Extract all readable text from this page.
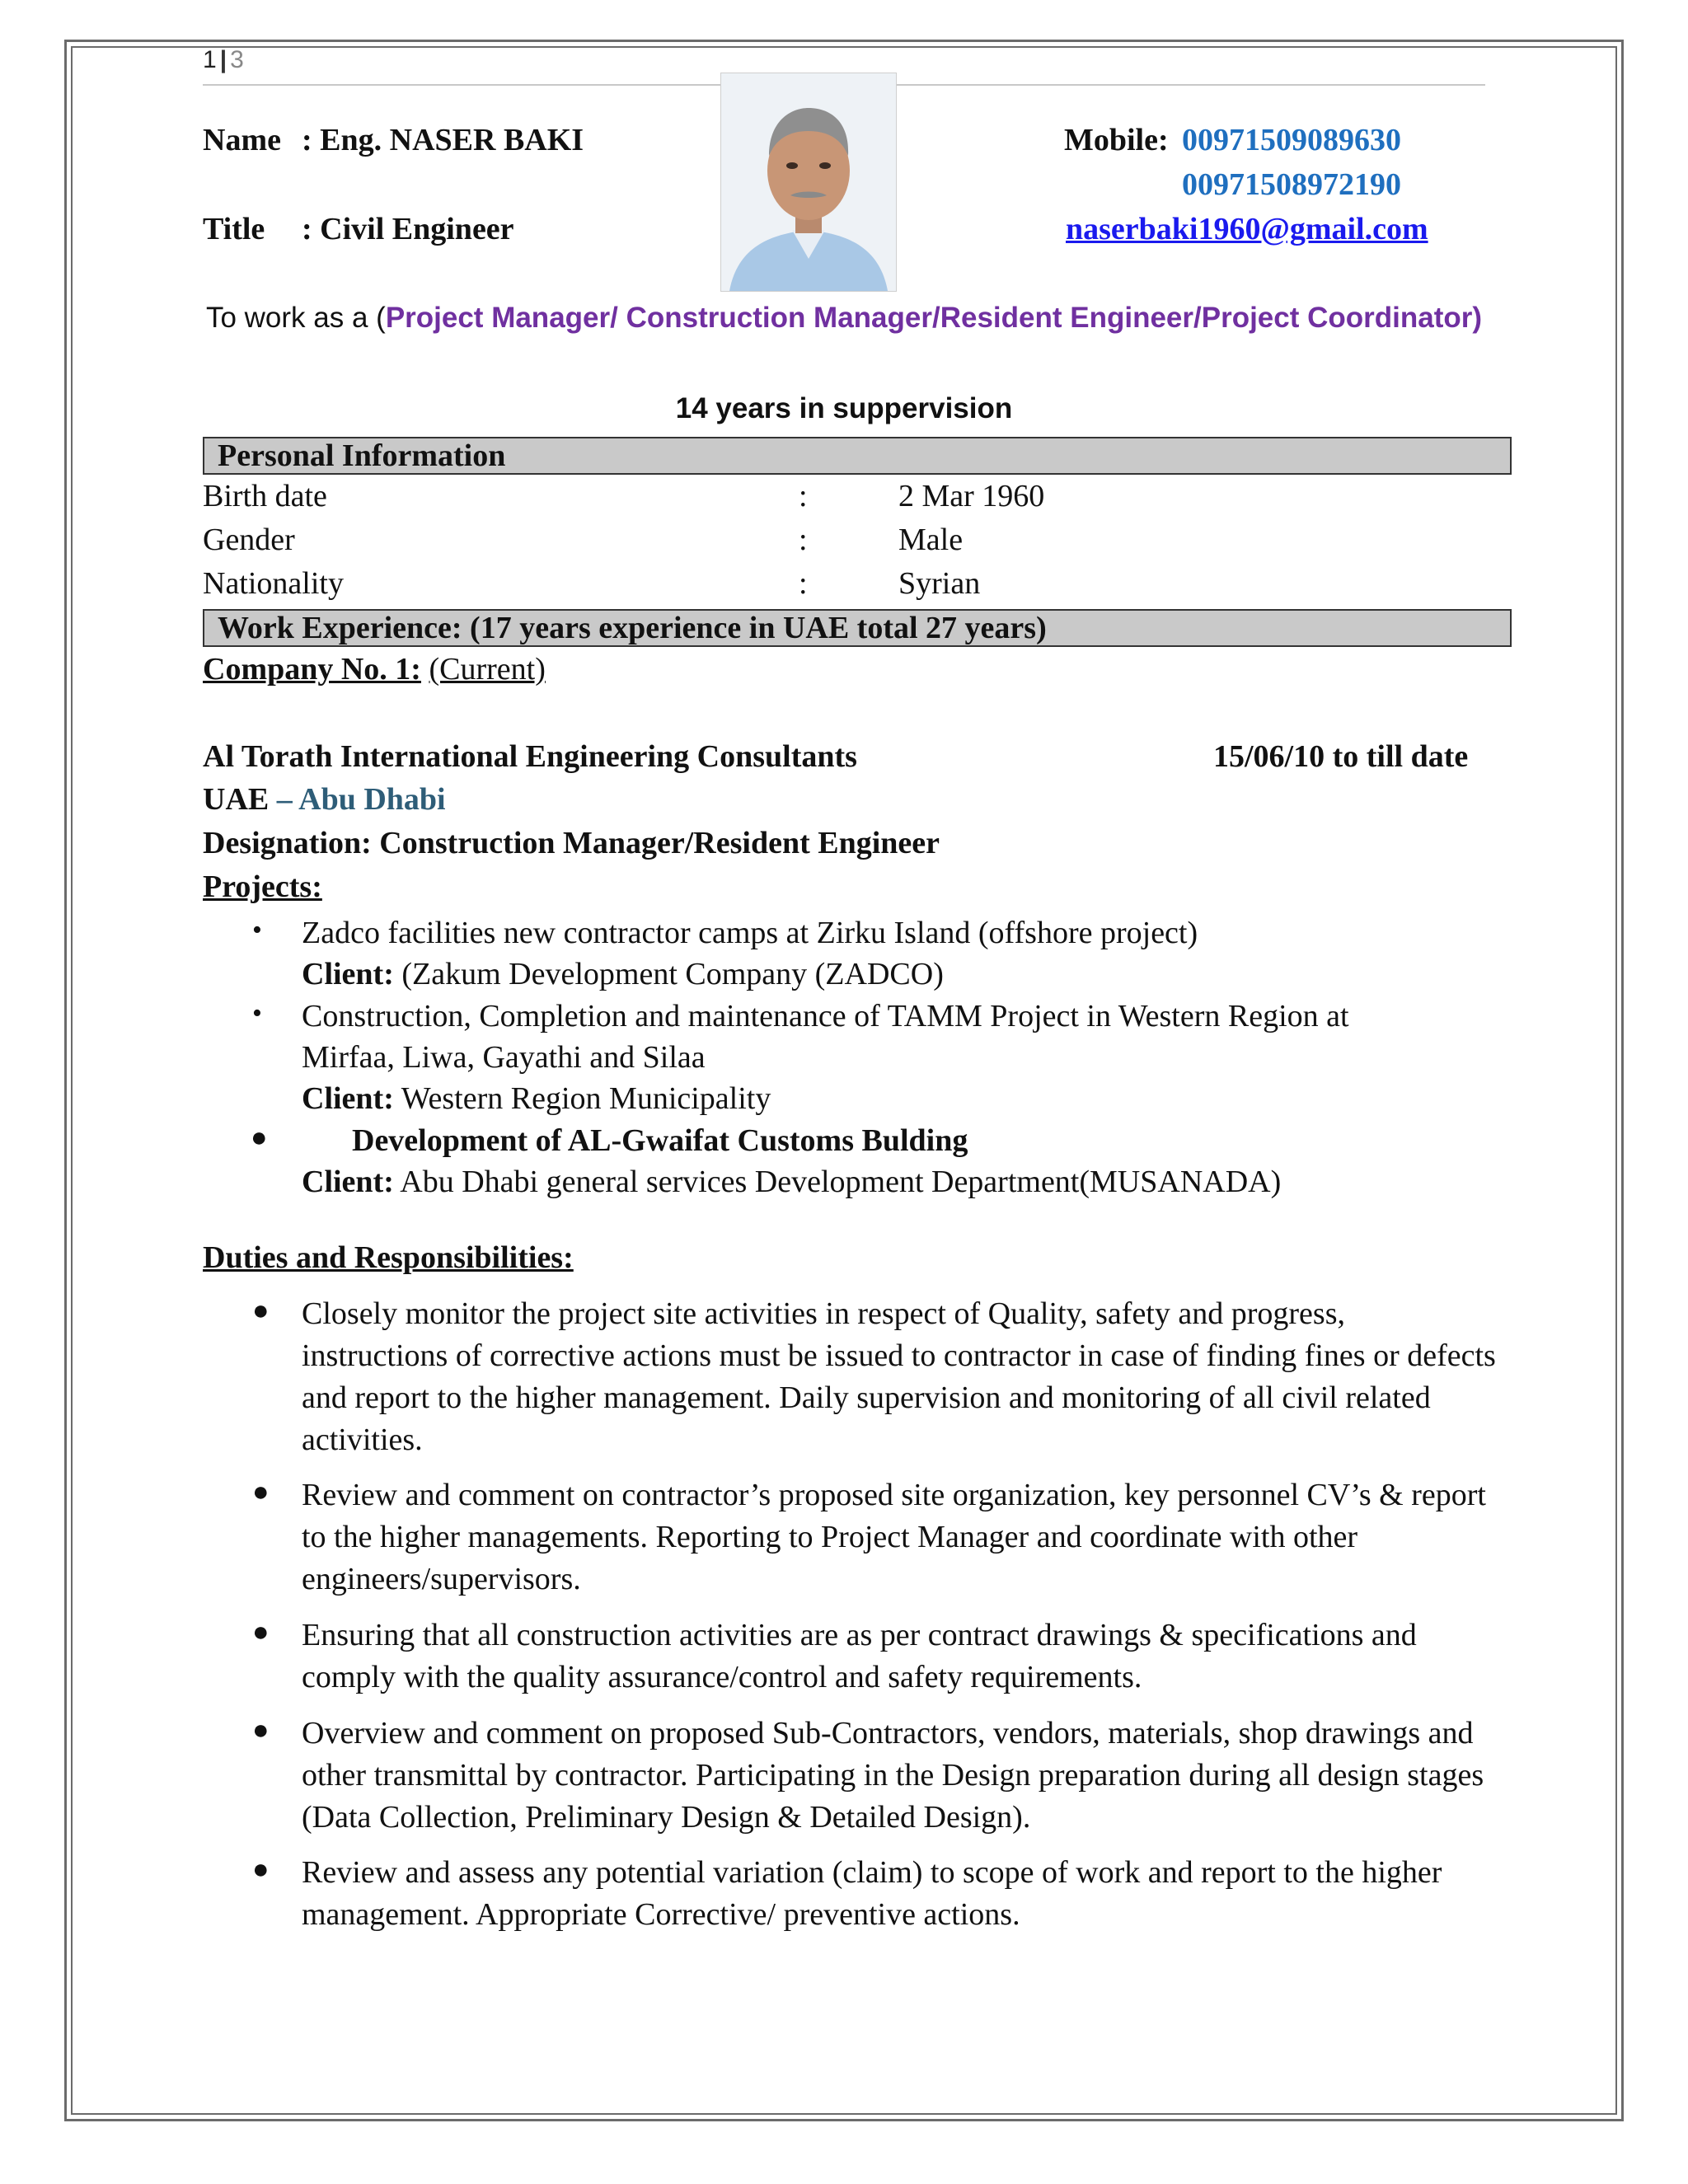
1 | 3
Name : Eng. NASER BAKI
Title : Civil Engineer
Mobile: 00971509089630
00971508972190
naserbaki1960@gmail.com
To work as a (Project Manager/ Construction Manager/Resident Engineer/Project Coordinator)
14 years in suppervision
Personal Information
Birth date	:	2 Mar 1960
Gender	:	Male
Nationality	:	Syrian
Work Experience: (17 years experience in UAE total 27 years)
Company No. 1: (Current)
Al Torath International Engineering Consultants	15/06/10 to till date
UAE – Abu Dhabi
Designation: Construction Manager/Resident Engineer
Projects:
• Zadco facilities new contractor camps at Zirku Island (offshore project)
Client: (Zakum Development Company (ZADCO)
• Construction, Completion and maintenance of TAMM Project in Western Region at
Mirfaa, Liwa, Gayathi and Silaa
Client: Western Region Municipality
●	Development of AL-Gwaifat Customs Bulding
Client: Abu Dhabi general services Development Department(MUSANADA)
Duties and Responsibilities:
● Closely monitor the project site activities in respect of Quality, safety and progress, instructions of corrective actions must be issued to contractor in case of finding fines or defects and report to the higher management. Daily supervision and monitoring of all civil related activities.
● Review and comment on contractor’s proposed site organization, key personnel CV’s & report to the higher managements. Reporting to Project Manager and coordinate with other engineers/supervisors.
● Ensuring that all construction activities are as per contract drawings & specifications and comply with the quality assurance/control and safety requirements.
● Overview and comment on proposed Sub-Contractors, vendors, materials, shop drawings and other transmittal by contractor. Participating in the Design preparation during all design stages (Data Collection, Preliminary Design & Detailed Design).
● Review and assess any potential variation (claim) to scope of work and report to the higher management. Appropriate Corrective/ preventive actions.
